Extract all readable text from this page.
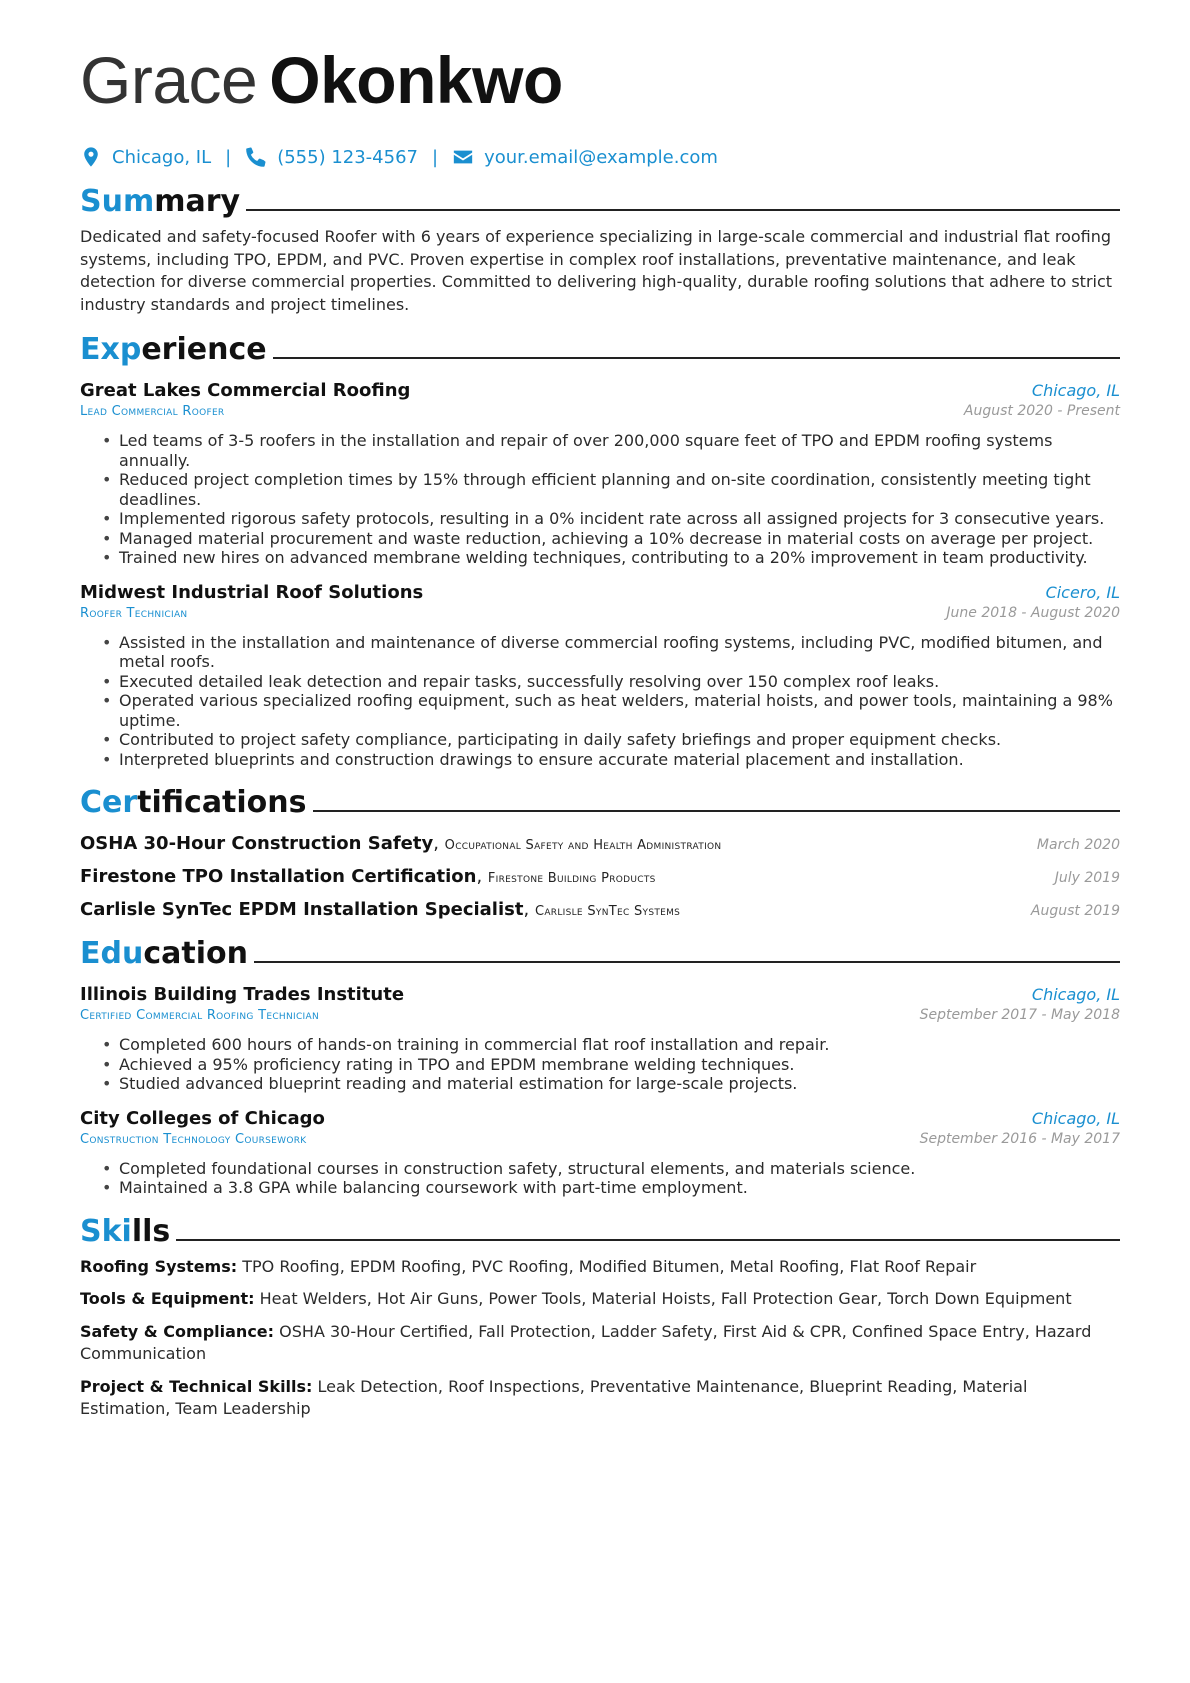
Grace Okonkwo
Chicago, IL |	(555) 123-4567 |	your.email@example.com
Summary

Dedicated and safety-focused Roofer with 6 years of experience specializing in large-scale commercial and industrial flat roofing systems, including TPO, EPDM, and PVC. Proven expertise in complex roof installations, preventative maintenance, and leak detection for diverse commercial properties. Committed to delivering high-quality, durable roofing solutions that adhere to strict industry standards and project timelines.

Experience
Great Lakes Commercial Roofing	Chicago, IL
Lead Commercial Roofer	August 2020 - Present
• Led teams of 3-5 roofers in the installation and repair of over 200,000 square feet of TPO and EPDM roofing systems annually.
• Reduced project completion times by 15% through efficient planning and on-site coordination, consistently meeting tight deadlines.
• Implemented rigorous safety protocols, resulting in a 0% incident rate across all assigned projects for 3 consecutive years.
• Managed material procurement and waste reduction, achieving a 10% decrease in material costs on average per project.
• Trained new hires on advanced membrane welding techniques, contributing to a 20% improvement in team productivity.
Midwest Industrial Roof Solutions	Cicero, IL
Roofer Technician	June 2018 - August 2020
• Assisted in the installation and maintenance of diverse commercial roofing systems, including PVC, modified bitumen, and metal roofs.
• Executed detailed leak detection and repair tasks, successfully resolving over 150 complex roof leaks.
• Operated various specialized roofing equipment, such as heat welders, material hoists, and power tools, maintaining a 98% uptime.
• Contributed to project safety compliance, participating in daily safety briefings and proper equipment checks.
• Interpreted blueprints and construction drawings to ensure accurate material placement and installation.
Certifications
OSHA 30-Hour Construction Safety, Occupational Safety and Health Administration	March 2020
Firestone TPO Installation Certification, Firestone Building Products	July 2019
Carlisle SynTec EPDM Installation Specialist, Carlisle SynTec Systems	August 2019
Education
Illinois Building Trades Institute	Chicago, IL
Certified Commercial Roofing Technician	September 2017 - May 2018
• Completed 600 hours of hands-on training in commercial flat roof installation and repair.
• Achieved a 95% proficiency rating in TPO and EPDM membrane welding techniques.
• Studied advanced blueprint reading and material estimation for large-scale projects.
City Colleges of Chicago	Chicago, IL
Construction Technology Coursework	September 2016 - May 2017
• Completed foundational courses in construction safety, structural elements, and materials science.
• Maintained a 3.8 GPA while balancing coursework with part-time employment.
Skills
Roofing Systems: TPO Roofing, EPDM Roofing, PVC Roofing, Modified Bitumen, Metal Roofing, Flat Roof Repair
Tools & Equipment: Heat Welders, Hot Air Guns, Power Tools, Material Hoists, Fall Protection Gear, Torch Down Equipment
Safety & Compliance: OSHA 30-Hour Certified, Fall Protection, Ladder Safety, First Aid & CPR, Confined Space Entry, Hazard Communication
Project & Technical Skills: Leak Detection, Roof Inspections, Preventative Maintenance, Blueprint Reading, Material Estimation, Team Leadership
